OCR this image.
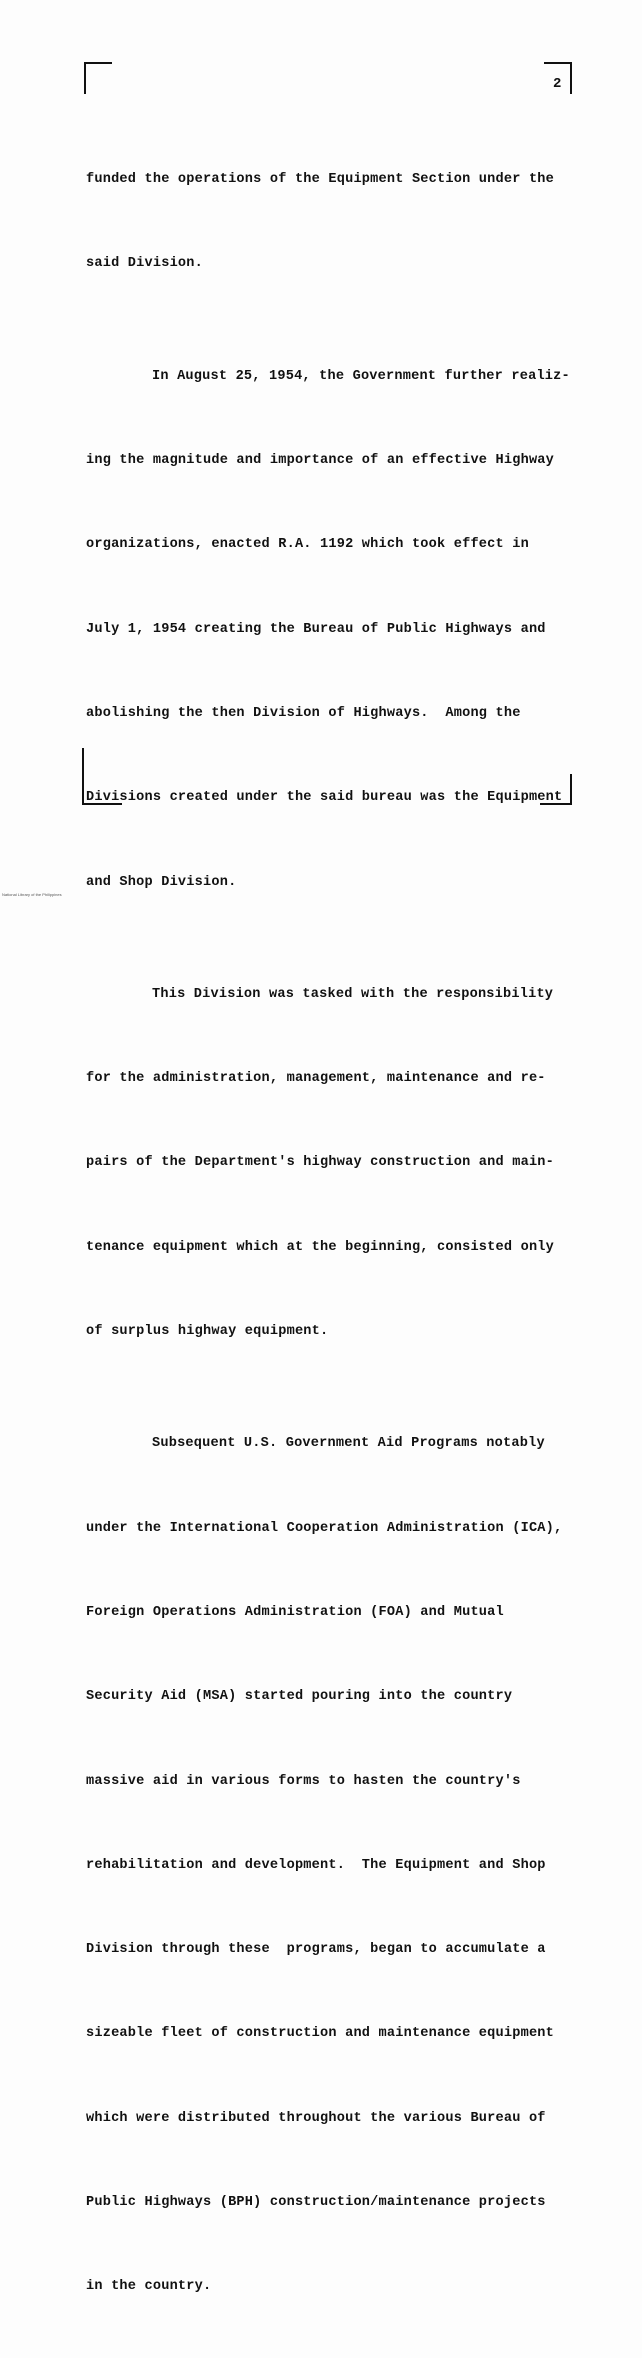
2

funded the operations of the Equipment Section under the

said Division.

In August 25, 1954, the Government further realiz-

ing the magnitude and importance of an effective Highway

organizations, enacted R.A. 1192 which took effect in

July 1, 1954 creating the Bureau of Public Highways and

abolishing the then Division of Highways.  Among the

Divisions created under the said bureau was the Equipment

and Shop Division.

This Division was tasked with the responsibility

for the administration, management, maintenance and re-

pairs of the Department's highway construction and main-

tenance equipment which at the beginning, consisted only

of surplus highway equipment.

Subsequent U.S. Government Aid Programs notably

under the International Cooperation Administration (ICA),

Foreign Operations Administration (FOA) and Mutual

Security Aid (MSA) started pouring into the country

massive aid in various forms to hasten the country's

rehabilitation and development.  The Equipment and Shop

Division through these  programs, began to accumulate a

sizeable fleet of construction and maintenance equipment

which were distributed throughout the various Bureau of

Public Highways (BPH) construction/maintenance projects

in the country.

National Library of the Philippines
